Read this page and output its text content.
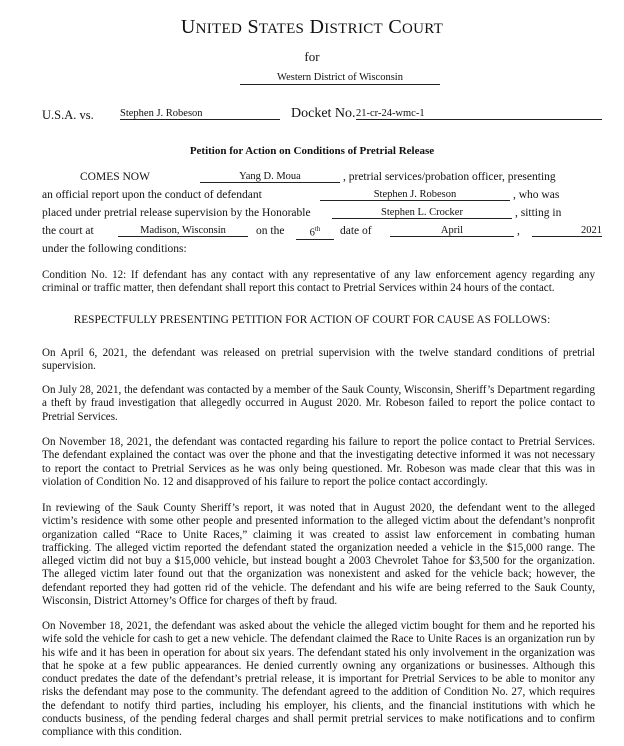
UNITED STATES DISTRICT COURT
for
Western District of Wisconsin
U.S.A. vs.	Stephen J. Robeson	Docket No. 21-cr-24-wmc-1
Petition for Action on Conditions of Pretrial Release
COMES NOW	Yang D. Moua	, pretrial services/probation officer, presenting
an official report upon the conduct of defendant	Stephen J. Robeson	, who was
placed under pretrial release supervision by the Honorable	Stephen L. Crocker	, sitting in
the court at	Madison, Wisconsin	on the	6th	date of	April	,	2021
under the following conditions:
Condition No. 12: If defendant has any contact with any representative of any law enforcement agency regarding any criminal or traffic matter, then defendant shall report this contact to Pretrial Services within 24 hours of the contact.
RESPECTFULLY PRESENTING PETITION FOR ACTION OF COURT FOR CAUSE AS FOLLOWS:
On April 6, 2021, the defendant was released on pretrial supervision with the twelve standard conditions of pretrial supervision.
On July 28, 2021, the defendant was contacted by a member of the Sauk County, Wisconsin, Sheriff’s Department regarding a theft by fraud investigation that allegedly occurred in August 2020. Mr. Robeson failed to report the police contact to Pretrial Services.
On November 18, 2021, the defendant was contacted regarding his failure to report the police contact to Pretrial Services. The defendant explained the contact was over the phone and that the investigating detective informed it was not necessary to report the contact to Pretrial Services as he was only being questioned. Mr. Robeson was made clear that this was in violation of Condition No. 12 and disapproved of his failure to report the police contact accordingly.
In reviewing of the Sauk County Sheriff’s report, it was noted that in August 2020, the defendant went to the alleged victim’s residence with some other people and presented information to the alleged victim about the defendant’s nonprofit organization called “Race to Unite Races,” claiming it was created to assist law enforcement in combating human trafficking. The alleged victim reported the defendant stated the organization needed a vehicle in the $15,000 range. The alleged victim did not buy a $15,000 vehicle, but instead bought a 2003 Chevrolet Tahoe for $3,500 for the organization. The alleged victim later found out that the organization was nonexistent and asked for the vehicle back; however, the defendant reported they had gotten rid of the vehicle. The defendant and his wife are being referred to the Sauk County, Wisconsin, District Attorney’s Office for charges of theft by fraud.
On November 18, 2021, the defendant was asked about the vehicle the alleged victim bought for them and he reported his wife sold the vehicle for cash to get a new vehicle. The defendant claimed the Race to Unite Races is an organization run by his wife and it has been in operation for about six years. The defendant stated his only involvement in the organization was that he spoke at a few public appearances. He denied currently owning any organizations or businesses. Although this conduct predates the date of the defendant’s pretrial release, it is important for Pretrial Services to be able to monitor any risks the defendant may pose to the community. The defendant agreed to the addition of Condition No. 27, which requires the defendant to notify third parties, including his employer, his clients, and the financial institutions with which he conducts business, of the pending federal charges and shall permit pretrial services to make notifications and to confirm compliance with this condition.
